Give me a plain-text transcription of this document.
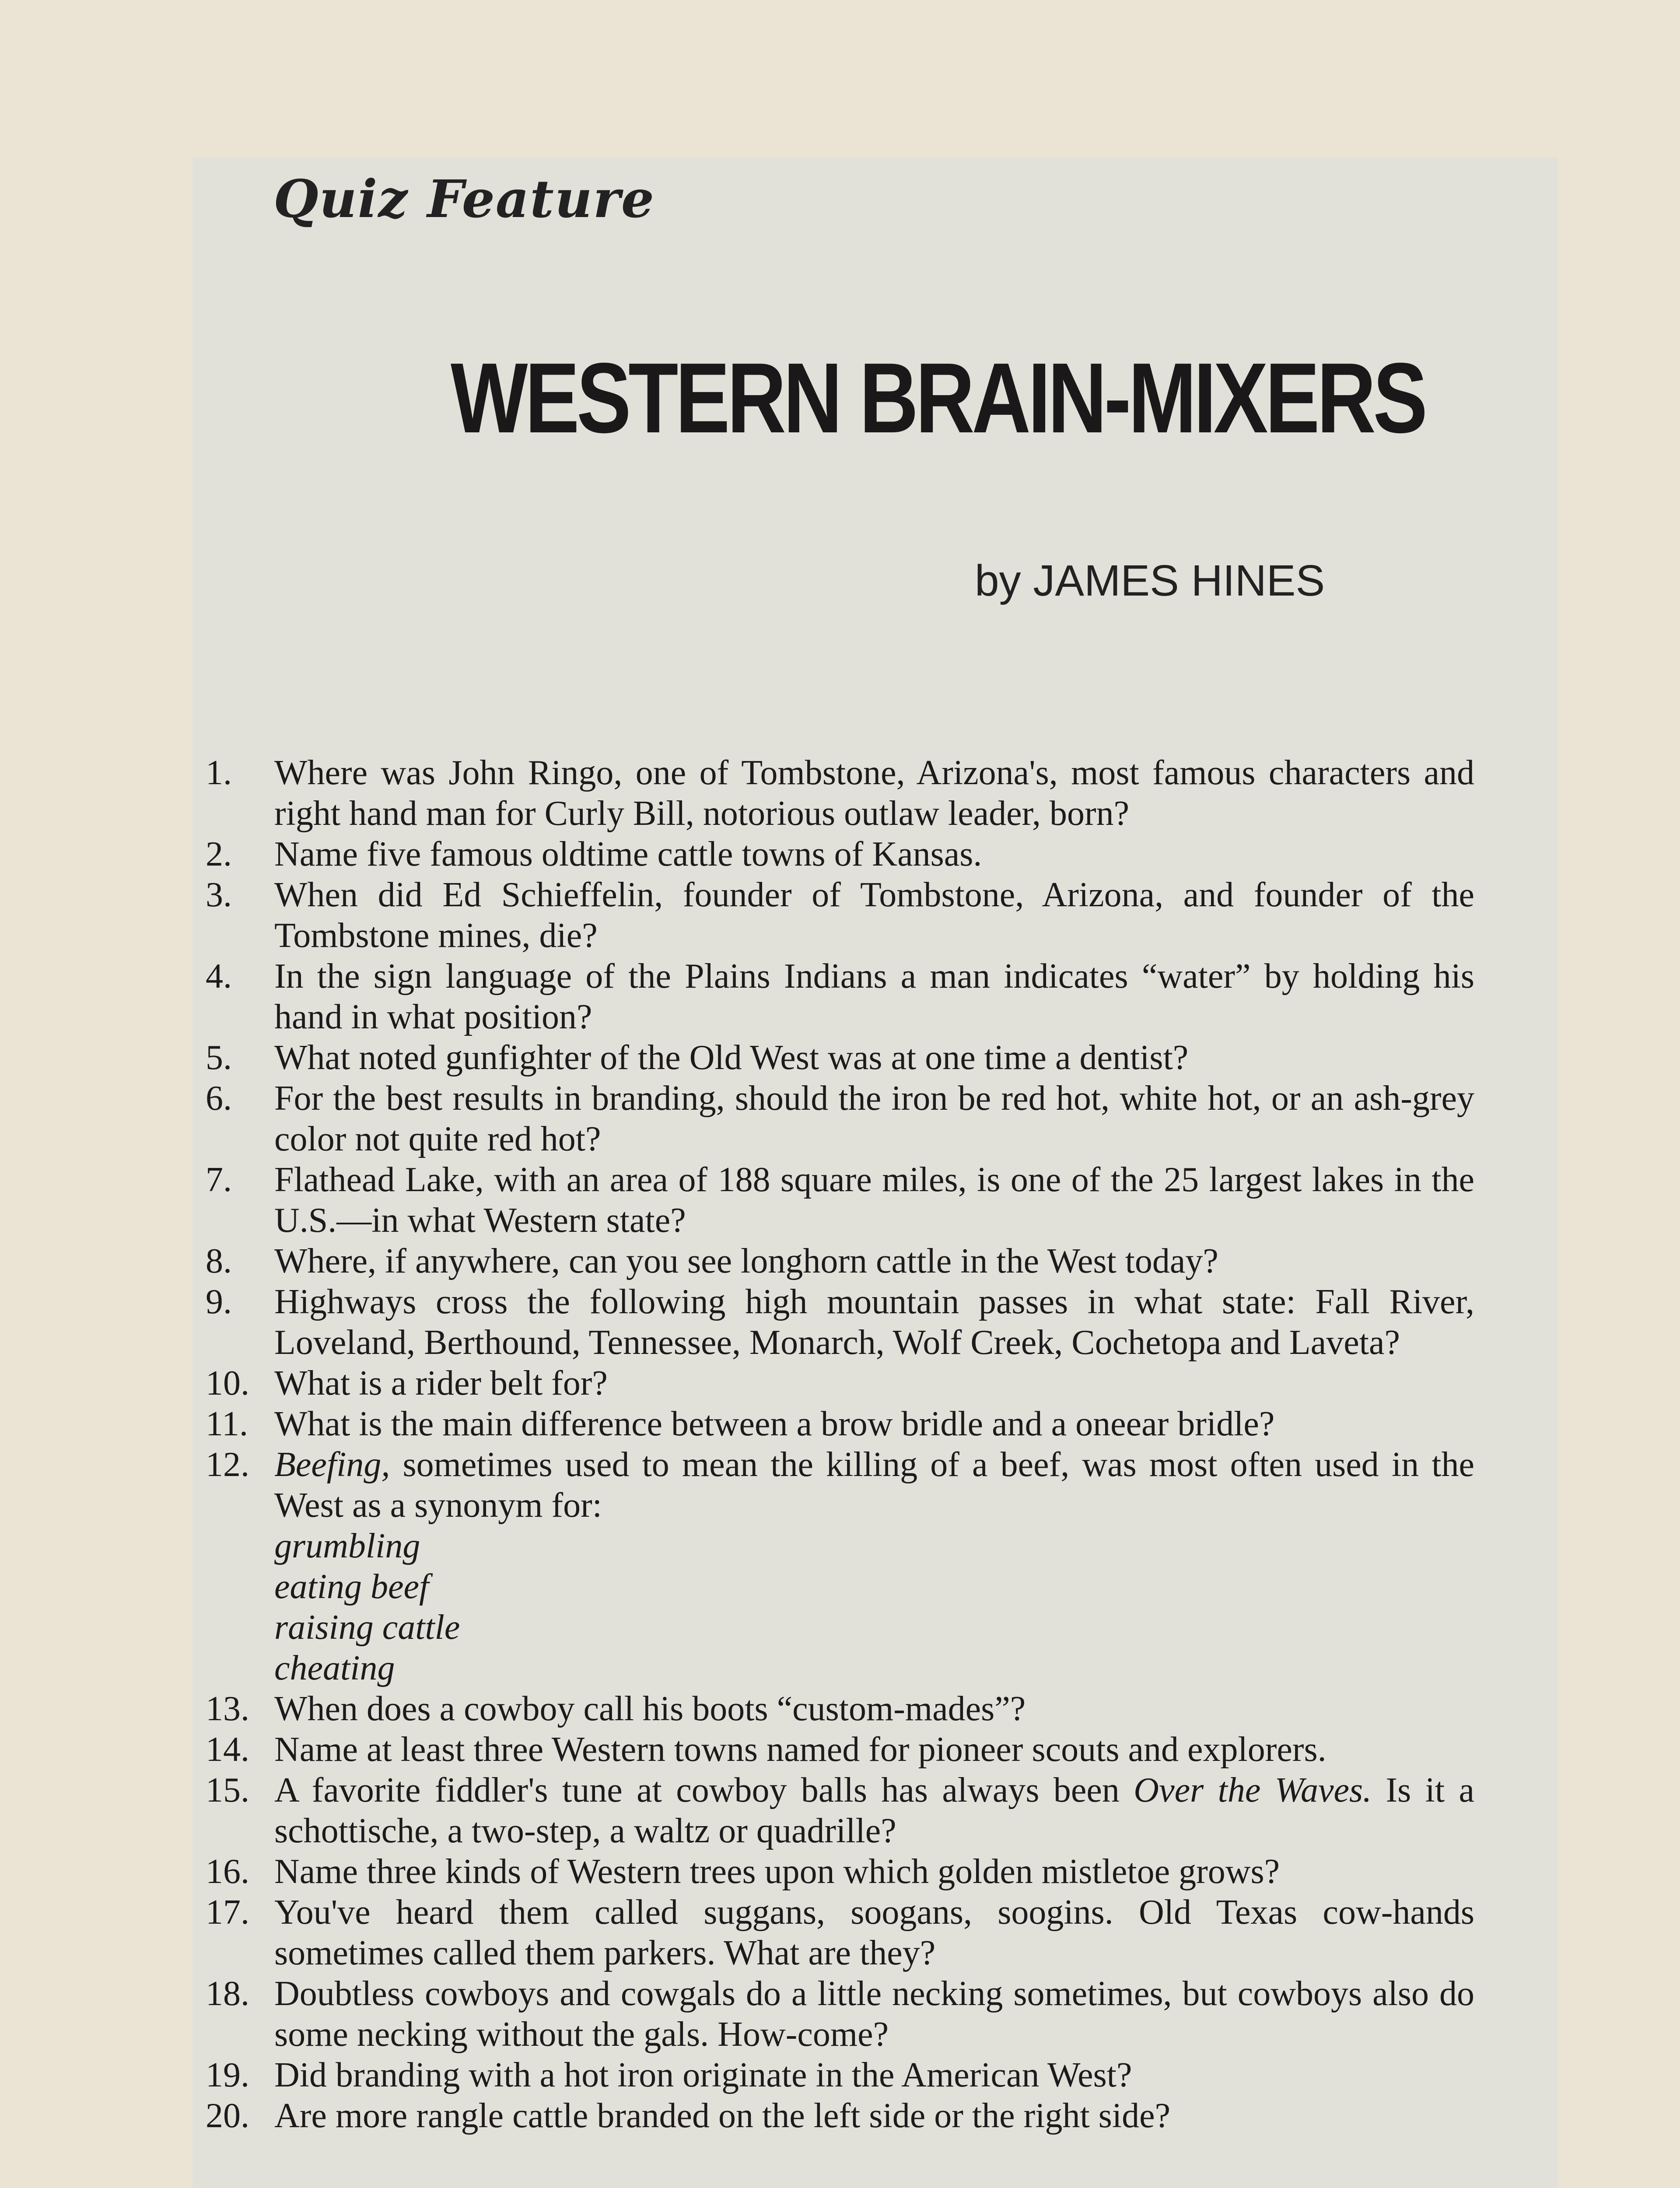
Quiz Feature

WESTERN BRAIN-MIXERS

by JAMES HINES

1.	Where was John Ringo, one of Tombstone, Arizona's, most famous characters and right hand man for Curly Bill, notorious outlaw leader, born?
2.	Name five famous oldtime cattle towns of Kansas.
3.	When did Ed Schieffelin, founder of Tombstone, Arizona, and founder of the Tombstone mines, die?
4.	In the sign language of the Plains Indians a man indicates “water” by holding his hand in what position?
5.	What noted gunfighter of the Old West was at one time a dentist?
6.	For the best results in branding, should the iron be red hot, white hot, or an ash-grey color not quite red hot?
7.	Flathead Lake, with an area of 188 square miles, is one of the 25 largest lakes in the U.S.—in what Western state?
8.	Where, if anywhere, can you see longhorn cattle in the West today?
9.	Highways cross the following high mountain passes in what state: Fall River, Loveland, Berthound, Tennessee, Monarch, Wolf Creek, Cochetopa and Laveta?
10. What is a rider belt for?
11. What is the main difference between a brow bridle and a oneear bridle?
12. Beefing, sometimes used to mean the killing of a beef, was most often used in the West as a synonym for:
grumbling
eating beef
raising cattle
cheating
13. When does a cowboy call his boots “custom-mades”?
14. Name at least three Western towns named for pioneer scouts and explorers.
15. A favorite fiddler's tune at cowboy balls has always been Over the Waves. Is it a schottische, a two-step, a waltz or quadrille?
16. Name three kinds of Western trees upon which golden mistletoe grows?
17. You've heard them called suggans, soogans, soogins. Old Texas cow-hands sometimes called them parkers. What are they?
18. Doubtless cowboys and cowgals do a little necking sometimes, but cowboys also do some necking without the gals. How-come?
19. Did branding with a hot iron originate in the American West?
20. Are more rangle cattle branded on the left side or the right side?
